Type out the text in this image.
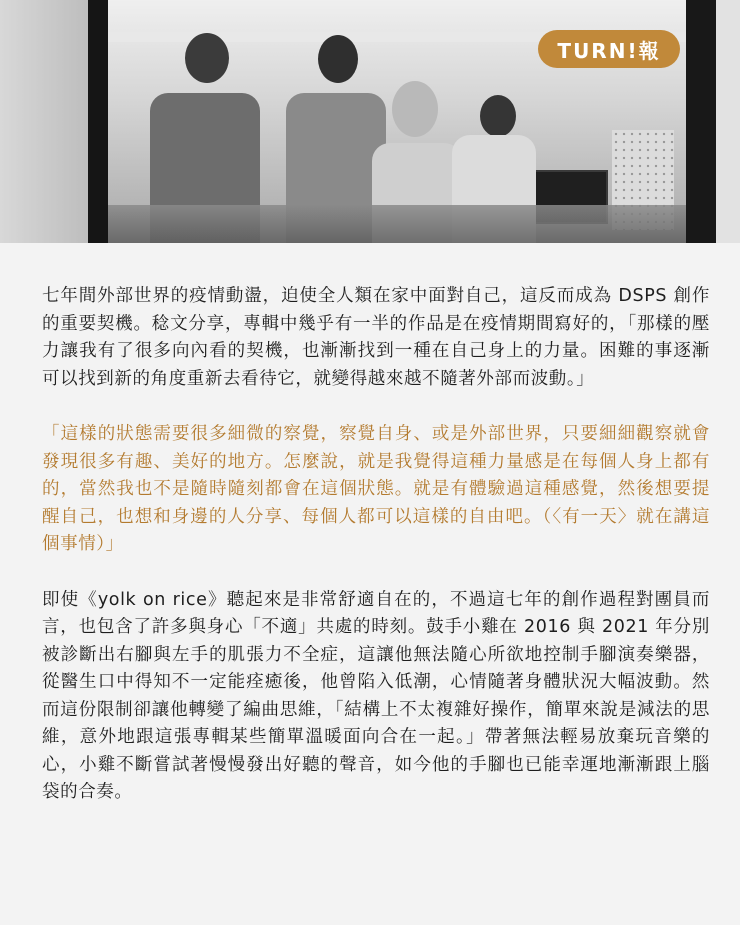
TURN!報

七年間外部世界的疫情動盪，迫使全人類在家中面對自己，這反而成為 DSPS 創作的重要契機。稔文分享，專輯中幾乎有一半的作品是在疫情期間寫好的，「那樣的壓力讓我有了很多向內看的契機，也漸漸找到一種在自己身上的力量。困難的事逐漸可以找到新的角度重新去看待它，就變得越來越不隨著外部而波動。」

「這樣的狀態需要很多細微的察覺，察覺自身、或是外部世界，只要細細觀察就會發現很多有趣、美好的地方。怎麼說，就是我覺得這種力量感是在每個人身上都有的，當然我也不是隨時隨刻都會在這個狀態。就是有體驗過這種感覺，然後想要提醒自己，也想和身邊的人分享、每個人都可以這樣的自由吧。（〈有一天〉就在講這個事情）」

即使《yolk on rice》聽起來是非常舒適自在的，不過這七年的創作過程對團員而言，也包含了許多與身心「不適」共處的時刻。鼓手小雞在 2016 與 2021 年分別被診斷出右腳與左手的肌張力不全症，這讓他無法隨心所欲地控制手腳演奏樂器，從醫生口中得知不一定能痊癒後，他曾陷入低潮，心情隨著身體狀況大幅波動。然而這份限制卻讓他轉變了編曲思維，「結構上不太複雜好操作，簡單來說是減法的思維，意外地跟這張專輯某些簡單溫暖面向合在一起。」帶著無法輕易放棄玩音樂的心，小雞不斷嘗試著慢慢發出好聽的聲音，如今他的手腳也已能幸運地漸漸跟上腦袋的合奏。
